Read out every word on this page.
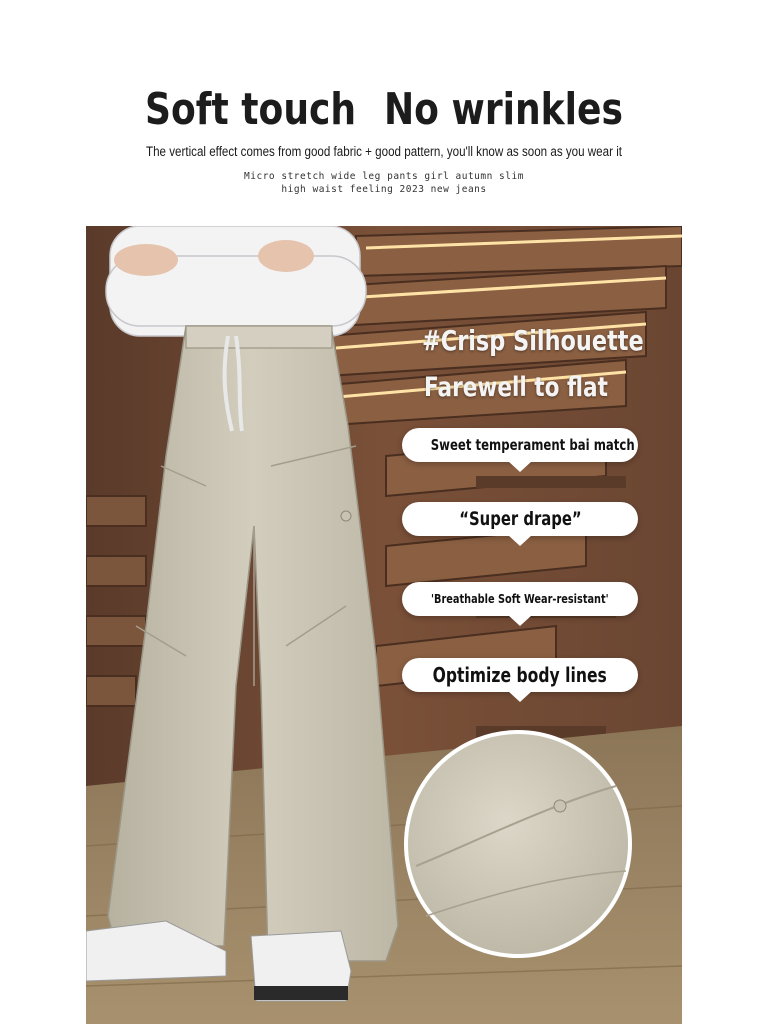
Soft touch No wrinkles
The vertical effect comes from good fabric + good pattern, you'll know as soon as you wear it
Micro stretch wide leg pants girl autumn slim
high waist feeling 2023 new jeans
#Crisp Silhouette
Farewell to flat
Sweet temperament bai match
“Super drape”
'Breathable Soft Wear-resistant'
Optimize body lines
